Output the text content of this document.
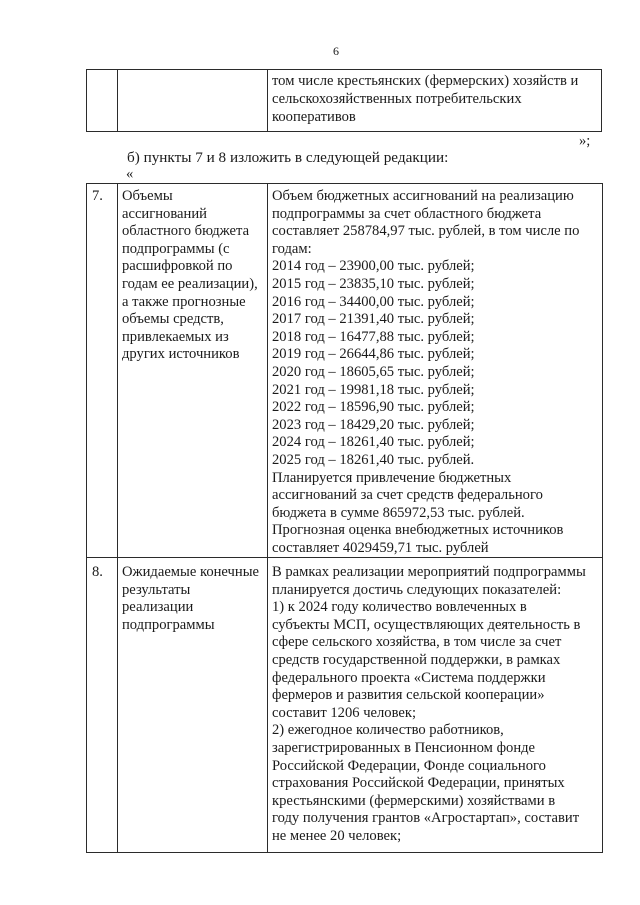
6
том числе крестьянских (фермерских) хозяйств и
сельскохозяйственных потребительских
кооперативов
»;
б) пункты 7 и 8 изложить в следующей редакции:
«
7. Объемы
ассигнований
областного бюджета
подпрограммы (с
расшифровкой по
годам ее реализации),
а также прогнозные
объемы средств,
привлекаемых из
других источников
Объем бюджетных ассигнований на реализацию
подпрограммы за счет областного бюджета
составляет 258784,97 тыс. рублей, в том числе по
годам:
2014 год – 23900,00 тыс. рублей;
2015 год – 23835,10 тыс. рублей;
2016 год – 34400,00 тыс. рублей;
2017 год – 21391,40 тыс. рублей;
2018 год – 16477,88 тыс. рублей;
2019 год – 26644,86 тыс. рублей;
2020 год – 18605,65 тыс. рублей;
2021 год – 19981,18 тыс. рублей;
2022 год – 18596,90 тыс. рублей;
2023 год – 18429,20 тыс. рублей;
2024 год – 18261,40 тыс. рублей;
2025 год – 18261,40 тыс. рублей.
Планируется привлечение бюджетных
ассигнований за счет средств федерального
бюджета в сумме 865972,53 тыс. рублей.
Прогнозная оценка внебюджетных источников
составляет 4029459,71 тыс. рублей
8. Ожидаемые конечные
результаты
реализации
подпрограммы
В рамках реализации мероприятий подпрограммы
планируется достичь следующих показателей:
1) к 2024 году количество вовлеченных в
субъекты МСП, осуществляющих деятельность в
сфере сельского хозяйства, в том числе за счет
средств государственной поддержки, в рамках
федерального проекта «Система поддержки
фермеров и развития сельской кооперации»
составит 1206 человек;
2) ежегодное количество работников,
зарегистрированных в Пенсионном фонде
Российской Федерации, Фонде социального
страхования Российской Федерации, принятых
крестьянскими (фермерскими) хозяйствами в
году получения грантов «Агростартап», составит
не менее 20 человек;
